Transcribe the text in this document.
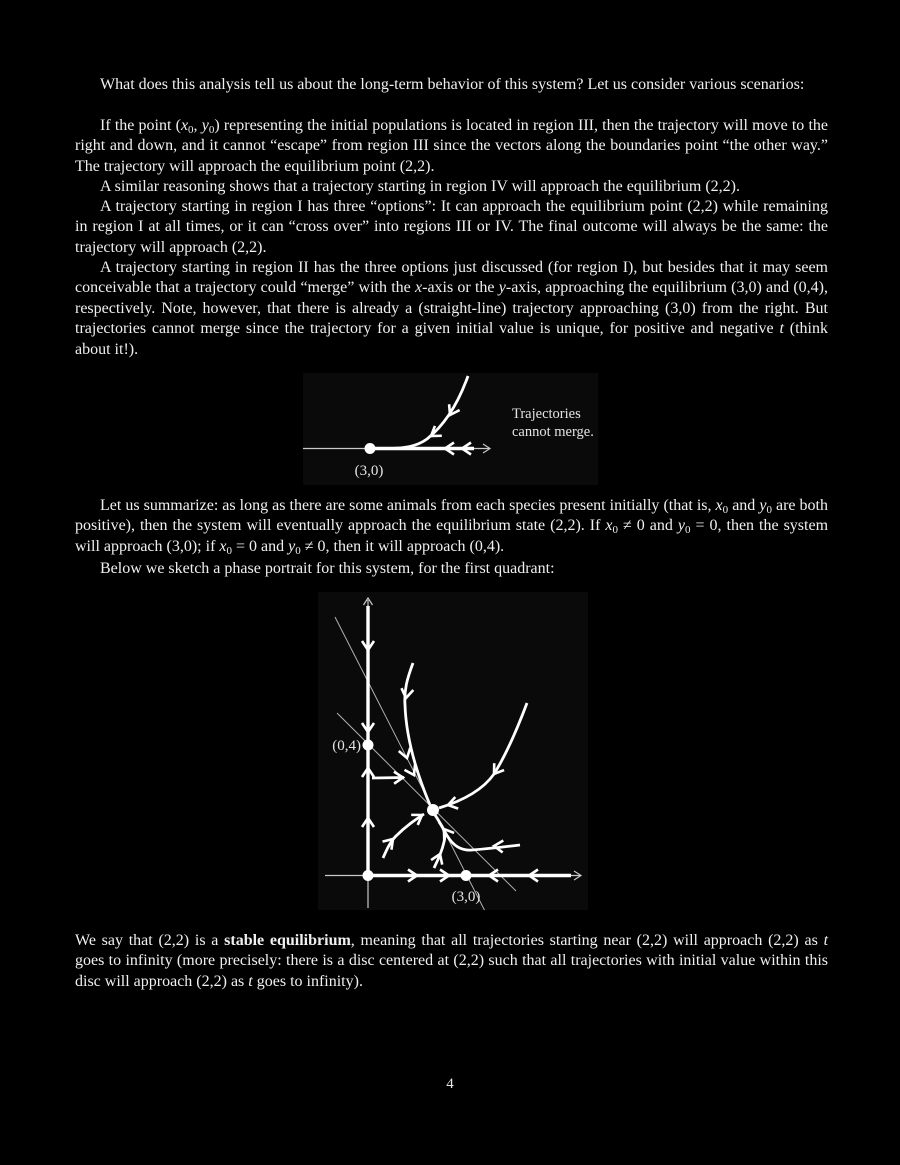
What does this analysis tell us about the long-term behavior of this system? Let us consider various scenarios:
If the point ($x_0$, $y_0$) representing the initial populations is located in region III, then the trajectory will move to the right and down, and it cannot “escape” from region III since the vectors along the boundaries point “the other way.” The trajectory will approach the equilibrium point (2,2).
A similar reasoning shows that a trajectory starting in region IV will approach the equilibrium (2,2).
A trajectory starting in region I has three “options”: It can approach the equilibrium point (2,2) while remaining in region I at all times, or it can “cross over” into regions III or IV. The final outcome will always be the same: the trajectory will approach (2,2).
A trajectory starting in region II has the three options just discussed (for region I), but besides that it may seem conceivable that a trajectory could “merge” with the x-axis or the y-axis, approaching the equilibrium (3,0) and (0,4), respectively. Note, however, that there is already a (straight-line) trajectory approaching (3,0) from the right. But trajectories cannot merge since the trajectory for a given initial value is unique, for positive and negative t (think about it!).
Let us summarize: as long as there are some animals from each species present initially (that is, $x_0$ and $y_0$ are both positive), then the system will eventually approach the equilibrium state (2,2). If $x_0 \ne 0$ and $y_0 = 0$, then the system will approach (3,0); if $x_0 = 0$ and $y_0 \ne 0$, then it will approach (0,4).
Below we sketch a phase portrait for this system, for the first quadrant:
We say that (2,2) is a stable equilibrium, meaning that all trajectories starting near (2,2) will approach (2,2) as t goes to infinity (more precisely: there is a disc centered at (2,2) such that all trajectories with initial value within this disc will approach (2,2) as t goes to infinity).
(3,0)
Trajectories
cannot merge.
(0,4)
(3,0)
4
